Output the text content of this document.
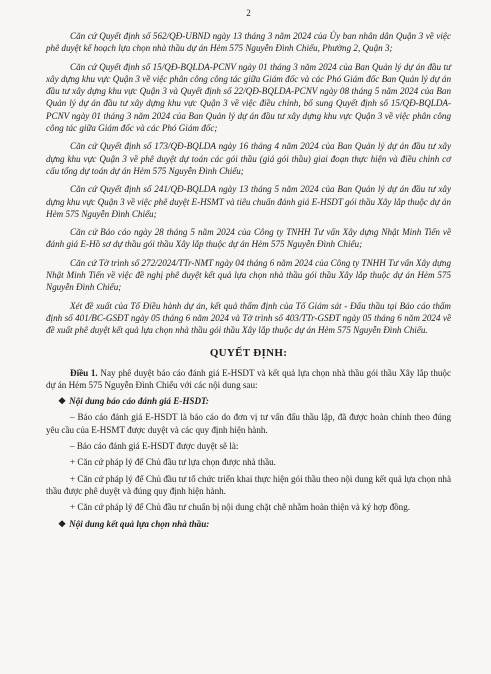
2

Căn cứ Quyết định số 562/QĐ-UBND ngày 13 tháng 3 năm 2024 của Ủy ban nhân dân Quận 3 về việc phê duyệt kế hoạch lựa chọn nhà thầu dự án Hẻm 575 Nguyễn Đình Chiểu, Phường 2, Quận 3;

Căn cứ Quyết định số 15/QĐ-BQLDA-PCNV ngày 01 tháng 3 năm 2024 của Ban Quản lý dự án đầu tư xây dựng khu vực Quận 3 về việc phân công công tác giữa Giám đốc và các Phó Giám đốc Ban Quản lý dự án đầu tư xây dựng khu vực Quận 3 và Quyết định số 22/QĐ-BQLDA-PCNV ngày 08 tháng 5 năm 2024 của Ban Quản lý dự án đầu tư xây dựng khu vực Quận 3 về việc điều chỉnh, bổ sung Quyết định số 15/QĐ-BQLDA-PCNV ngày 01 tháng 3 năm 2024 của Ban Quản lý dự án đầu tư xây dựng khu vực Quận 3 về việc phân công công tác giữa Giám đốc và các Phó Giám đốc;

Căn cứ Quyết định số 173/QĐ-BQLDA ngày 16 tháng 4 năm 2024 của Ban Quản lý dự án đầu tư xây dựng khu vực Quận 3 về phê duyệt dự toán các gói thầu (giá gói thầu) giai đoạn thực hiện và điều chỉnh cơ cấu tổng dự toán dự án Hẻm 575 Nguyễn Đình Chiểu;

Căn cứ Quyết định số 241/QĐ-BQLDA ngày 13 tháng 5 năm 2024 của Ban Quản lý dự án đầu tư xây dựng khu vực Quận 3 về việc phê duyệt E-HSMT và tiêu chuẩn đánh giá E-HSDT gói thầu Xây lắp thuộc dự án Hẻm 575 Nguyễn Đình Chiểu;

Căn cứ Báo cáo ngày 28 tháng 5 năm 2024 của Công ty TNHH Tư vấn Xây dựng Nhật Minh Tiến về đánh giá E-Hồ sơ dự thầu gói thầu Xây lắp thuộc dự án Hẻm 575 Nguyễn Đình Chiểu;

Căn cứ Tờ trình số 272/2024/TTr-NMT ngày 04 tháng 6 năm 2024 của Công ty TNHH Tư vấn Xây dựng Nhật Minh Tiến về việc đề nghị phê duyệt kết quả lựa chọn nhà thầu gói thầu Xây lắp thuộc dự án Hẻm 575 Nguyễn Đình Chiểu;

Xét đề xuất của Tổ Điều hành dự án, kết quả thẩm định của Tổ Giám sát - Đấu thầu tại Báo cáo thẩm định số 401/BC-GSĐT ngày 05 tháng 6 năm 2024 và Tờ trình số 403/TTr-GSĐT ngày 05 tháng 6 năm 2024 về đề xuất phê duyệt kết quả lựa chọn nhà thầu gói thầu Xây lắp thuộc dự án Hẻm 575 Nguyễn Đình Chiểu.

QUYẾT ĐỊNH:

Điều 1. Nay phê duyệt báo cáo đánh giá E-HSDT và kết quả lựa chọn nhà thầu gói thầu Xây lắp thuộc dự án Hẻm 575 Nguyễn Đình Chiểu với các nội dung sau:

❖ Nội dung báo cáo đánh giá E-HSDT:

– Báo cáo đánh giá E-HSDT là báo cáo do đơn vị tư vấn đấu thầu lập, đã được hoàn chỉnh theo đúng yêu cầu của E-HSMT được duyệt và các quy định hiện hành.

– Báo cáo đánh giá E-HSDT được duyệt sẽ là:

+ Căn cứ pháp lý để Chủ đầu tư lựa chọn được nhà thầu.

+ Căn cứ pháp lý để Chủ đầu tư tổ chức triển khai thực hiện gói thầu theo nội dung kết quả lựa chọn nhà thầu được phê duyệt và đúng quy định hiện hành.

+ Căn cứ pháp lý để Chủ đầu tư chuẩn bị nội dung chặt chẽ nhằm hoàn thiện và ký hợp đồng.

❖ Nội dung kết quả lựa chọn nhà thầu:
